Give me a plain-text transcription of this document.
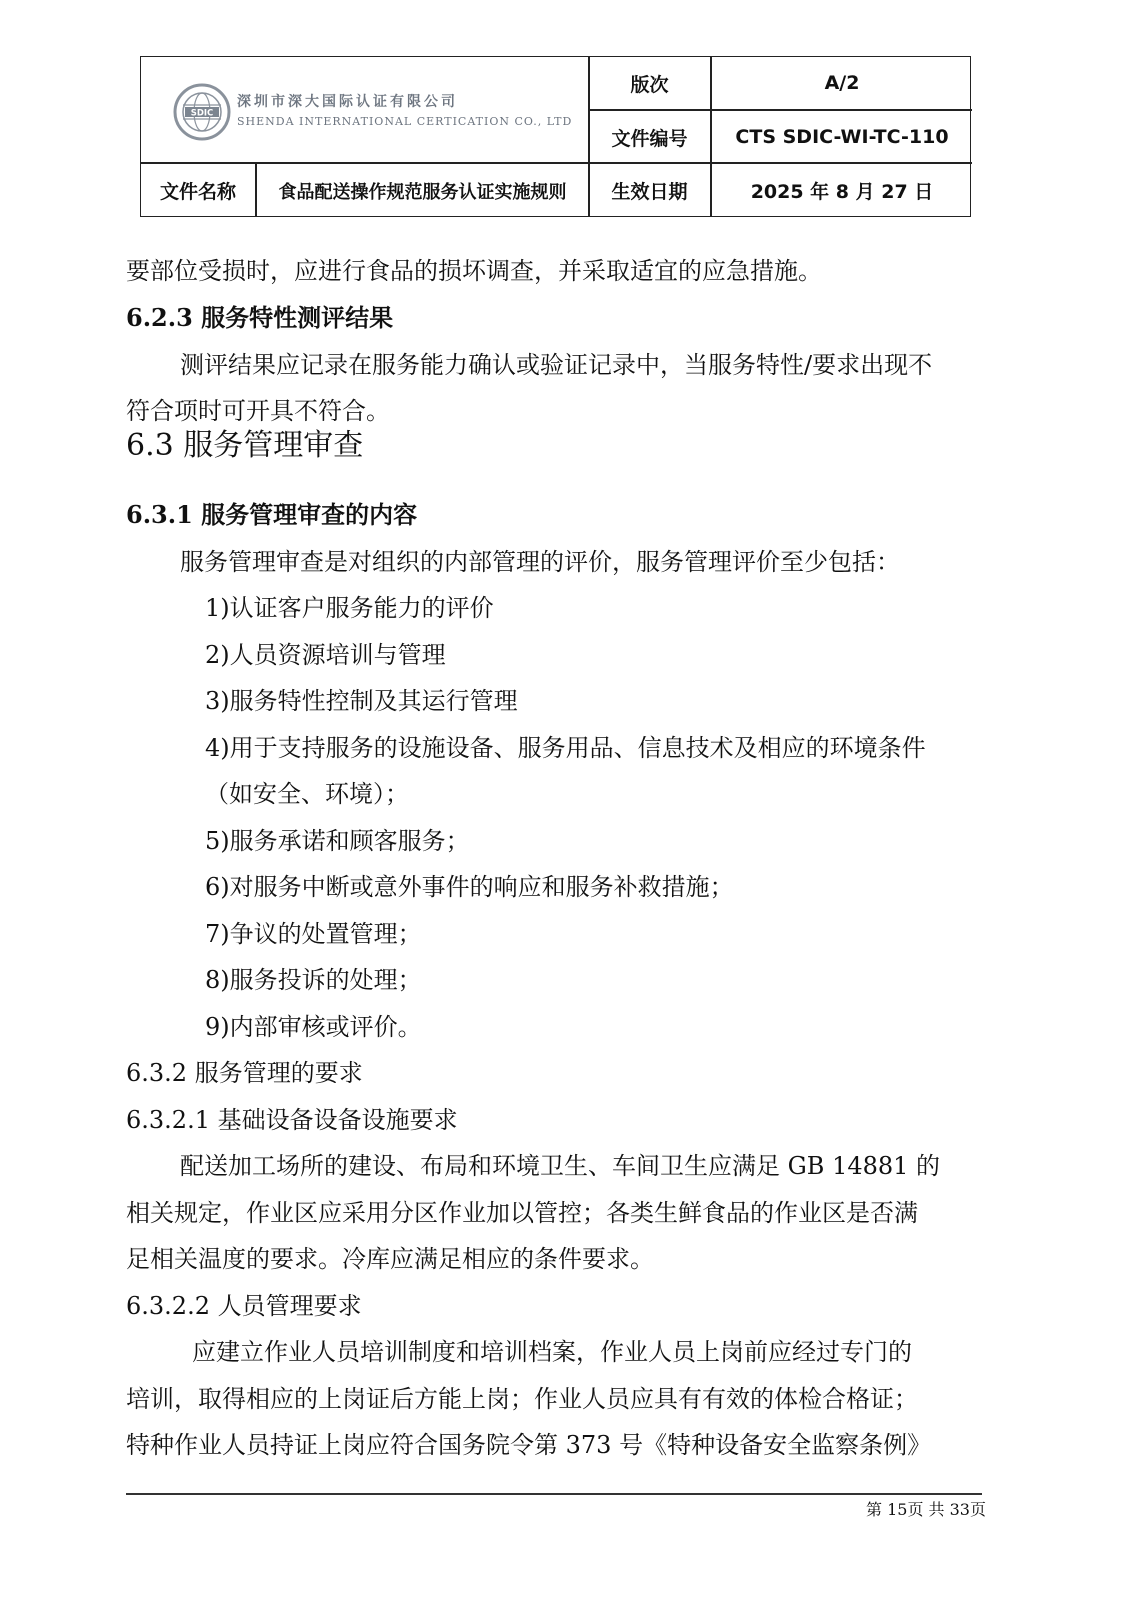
SDIC
深圳市深大国际认证有限公司
SHENDA INTERNATIONAL CERTICATION CO., LTD
版次	A/2
文件编号	CTS SDIC-WI-TC-110
文件名称	食品配送操作规范服务认证实施规则	生效日期	2025 年 8 月 27 日
要部位受损时，应进行食品的损坏调查，并采取适宜的应急措施。
6.2.3 服务特性测评结果
测评结果应记录在服务能力确认或验证记录中，当服务特性/要求出现不
符合项时可开具不符合。
6.3 服务管理审查
6.3.1 服务管理审查的内容
服务管理审查是对组织的内部管理的评价，服务管理评价至少包括：
1)认证客户服务能力的评价
2)人员资源培训与管理
3)服务特性控制及其运行管理
4)用于支持服务的设施设备、服务用品、信息技术及相应的环境条件
（如安全、环境）；
5)服务承诺和顾客服务；
6)对服务中断或意外事件的响应和服务补救措施；
7)争议的处置管理；
8)服务投诉的处理；
9)内部审核或评价。
6.3.2 服务管理的要求
6.3.2.1 基础设备设备设施要求
配送加工场所的建设、布局和环境卫生、车间卫生应满足 GB 14881 的
相关规定，作业区应采用分区作业加以管控；各类生鲜食品的作业区是否满
足相关温度的要求。冷库应满足相应的条件要求。
6.3.2.2 人员管理要求
应建立作业人员培训制度和培训档案，作业人员上岗前应经过专门的
培训，取得相应的上岗证后方能上岗；作业人员应具有有效的体检合格证；
特种作业人员持证上岗应符合国务院令第 373 号《特种设备安全监察条例》
第 15页 共 33页
